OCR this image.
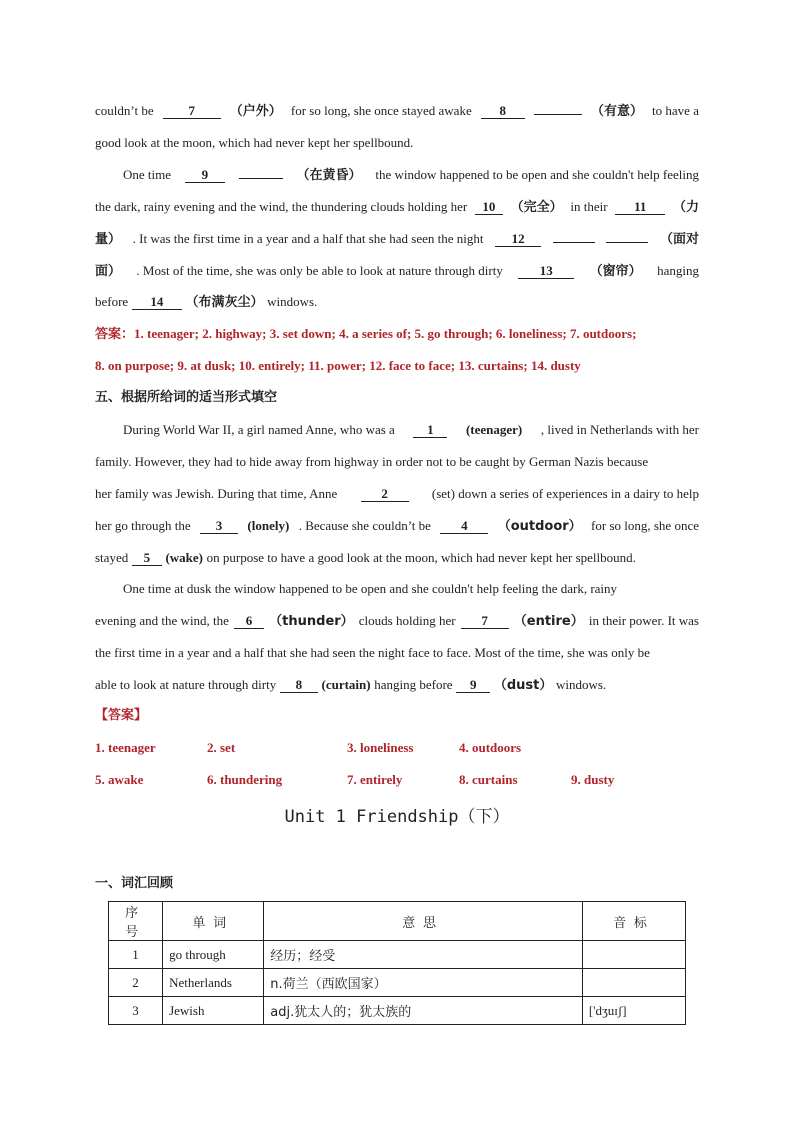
couldn’t be	7	（户外） for so long, she once stayed awake	8	（有意） to have a
good look at the moon, which had never kept her spellbound.
One time	9	（在黄昏） the window happened to be open and she couldn't help feeling
the dark, rainy evening and the wind, the thundering clouds holding her	10	（完全） in their	11	（力
量） . It was the first time in a year and a half that she had seen the night	12	（面对
面） . Most of the time, she was only be able to look at nature through dirty	13	（窗帘） hanging
before	14	（布满灰尘） windows.
答案：1. teenager; 2. highway; 3. set down; 4. a series of; 5. go through; 6. loneliness; 7. outdoors;
8. on purpose; 9. at dusk; 10. entirely; 11. power; 12. face to face; 13. curtains; 14. dusty
五、根据所给词的适当形式填空
During World War II, a girl named Anne, who was a	1	(teenager) , lived in Netherlands with her
family. However, they had to hide away from highway in order not to be caught by German Nazis because
her family was Jewish. During that time, Anne	2	(set) down a series of experiences in a dairy to help
her go through the	3	(lonely) . Because she couldn’t be	4	（outdoor） for so long, she once
stayed	5	(wake) on purpose to have a good look at the moon, which had never kept her spellbound.
One time at dusk the window happened to be open and she couldn't help feeling the dark, rainy
evening and the wind, the	6	（thunder） clouds holding her	7	（entire） in their power. It was
the first time in a year and a half that she had seen the night face to face. Most of the time, she was only be
able to look at nature through dirty	8	(curtain) hanging before	9	（dust） windows.
【答案】
1. teenager	2. set	3. loneliness	4. outdoors
5. awake	6. thundering	7. entirely	8. curtains	9. dusty
Unit 1 Friendship（下）
一、词汇回顾
序号	单词	意思	音标
1	go through	经历；经受	
2	Netherlands	n.荷兰（西欧国家）	
3	Jewish	adj.犹太人的；犹太族的	['dʒuɪʃ]
